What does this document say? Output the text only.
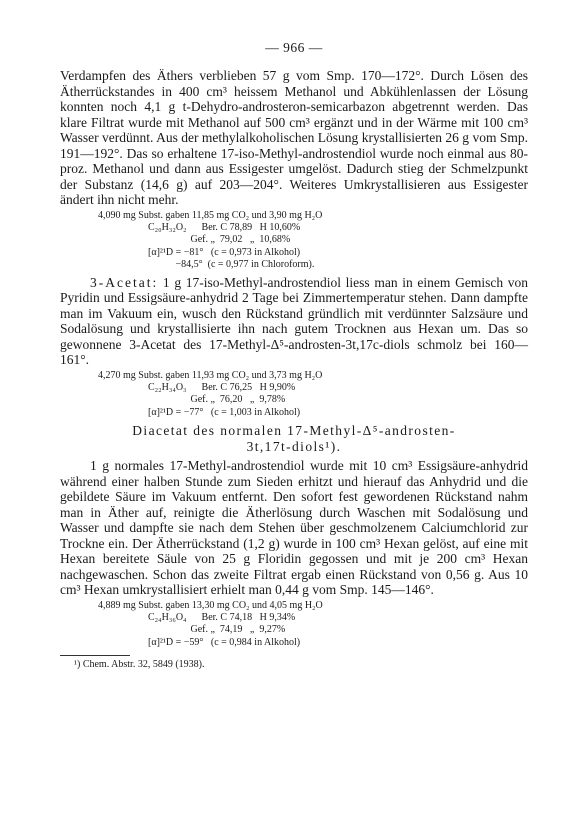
— 966 —

Verdampfen des Äthers verblieben 57 g vom Smp. 170—172°. Durch Lösen des Ätherrückstandes in 400 cm³ heissem Methanol und Abkühlenlassen der Lösung konnten noch 4,1 g t-Dehydro-androsteron-semicarbazon abgetrennt werden. Das klare Filtrat wurde mit Methanol auf 500 cm³ ergänzt und in der Wärme mit 100 cm³ Wasser verdünnt. Aus der methylalkoholischen Lösung krystallisierten 26 g vom Smp. 191—192°. Das so erhaltene 17-iso-Methyl-androstendiol wurde noch einmal aus 80-proz. Methanol und dann aus Essigester umgelöst. Dadurch stieg der Schmelzpunkt der Substanz (14,6 g) auf 203—204°. Weiteres Umkrystallisieren aus Essigester ändert ihn nicht mehr.

4,090 mg Subst. gaben 11,85 mg CO₂ und 3,90 mg H₂O
C₂₀H₃₂O₂      Ber. C 78,89   H 10,60%
Gef. „  79,02   „  10,68%
[α]²¹D = −81°   (c = 0,973 in Alkohol)
−84,5°  (c = 0,977 in Chloroform).

3-Acetat: 1 g 17-iso-Methyl-androstendiol liess man in einem Gemisch von Pyridin und Essigsäure-anhydrid 2 Tage bei Zimmertemperatur stehen. Dann dampfte man im Vakuum ein, wusch den Rückstand gründlich mit verdünnter Salzsäure und Sodalösung und krystallisierte ihn nach gutem Trocknen aus Hexan um. Das so gewonnene 3-Acetat des 17-Methyl-Δ⁵-androsten-3t,17c-diols schmolz bei 160—161°.

4,270 mg Subst. gaben 11,93 mg CO₂ und 3,73 mg H₂O
C₂₂H₃₄O₃      Ber. C 76,25   H 9,90%
Gef. „  76,20   „  9,78%
[α]²¹D = −77°   (c = 1,003 in Alkohol)
Diacetat des normalen 17-Methyl-Δ⁵-androsten-
3t,17t-diols¹).

1 g normales 17-Methyl-androstendiol wurde mit 10 cm³ Essigsäure-anhydrid während einer halben Stunde zum Sieden erhitzt und hierauf das Anhydrid und die gebildete Säure im Vakuum entfernt. Den sofort fest gewordenen Rückstand nahm man in Äther auf, reinigte die Ätherlösung durch Waschen mit Sodalösung und Wasser und dampfte sie nach dem Stehen über geschmolzenem Calciumchlorid zur Trockne ein. Der Ätherrückstand (1,2 g) wurde in 100 cm³ Hexan gelöst, auf eine mit Hexan bereitete Säule von 25 g Floridin gegossen und mit je 200 cm³ Hexan nachgewaschen. Schon das zweite Filtrat ergab einen Rückstand von 0,56 g. Aus 10 cm³ Hexan umkrystallisiert erhielt man 0,44 g vom Smp. 145—146°.

4,889 mg Subst. gaben 13,30 mg CO₂ und 4,05 mg H₂O
C₂₄H₃₆O₄      Ber. C 74,18   H 9,34%
Gef. „  74,19   „  9,27%
[α]²¹D = −59°   (c = 0,984 in Alkohol)
¹) Chem. Abstr. 32, 5849 (1938).
